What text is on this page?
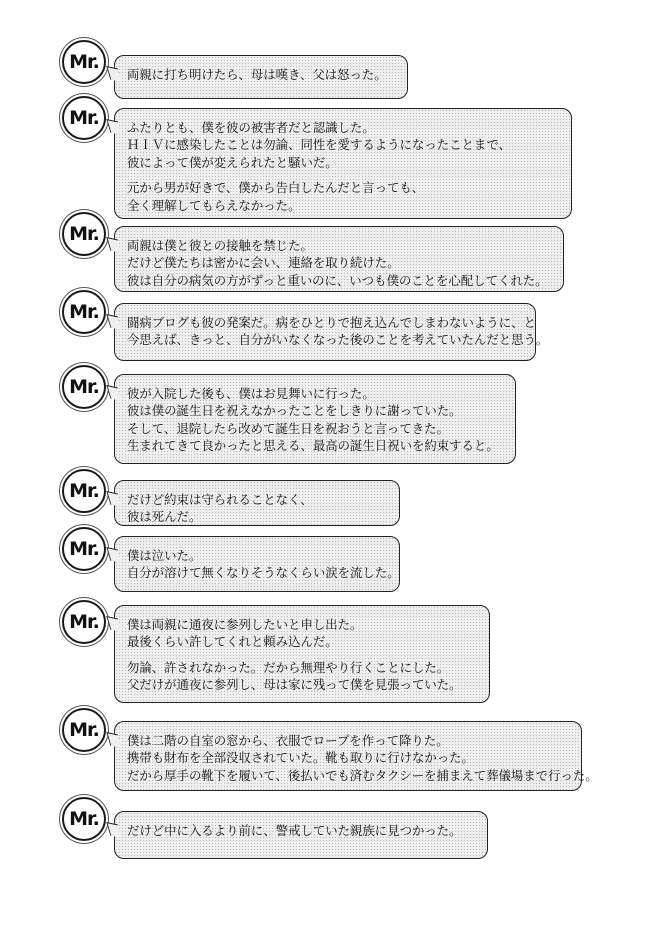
Mr.

両親に打ち明けたら、母は嘆き、父は怒った。

Mr.	ふたりとも、僕を彼の被害者だと認識した。

ＨＩＶに感染したことは勿論、同性を愛するようになったことまで、

彼によって僕が変えられたと騒いだ。

元から男が好きで、僕から告白したんだと言っても、

全く理解してもらえなかった。

Mr.

両親は僕と彼との接触を禁じた。

だけど僕たちは密かに会い、連絡を取り続けた。

彼は自分の病気の方がずっと重いのに、いつも僕のことを心配してくれた。

Mr.	闘病ブログも彼の発案だ。病をひとりで抱え込んでしまわないように、と

今思えば、きっと、自分がいなくなった後のことを考えていたんだと思う。

Mr.	彼が入院した後も、僕はお見舞いに行った。

彼は僕の誕生日を祝えなかったことをしきりに謝っていた。

そして、退院したら改めて誕生日を祝おうと言ってきた。

生まれてきて良かったと思える、最高の誕生日祝いを約束すると。

Mr.	だけど約束は守られることなく、

彼は死んだ。

Mr.	僕は泣いた。

自分が溶けて無くなりそうなくらい涙を流した。

Mr.	僕は両親に通夜に参列したいと申し出た。

最後くらい許してくれと頼み込んだ。

勿論、許されなかった。だから無理やり行くことにした。

父だけが通夜に参列し、母は家に残って僕を見張っていた。

Mr.	僕は二階の自室の窓から、衣服でロープを作って降りた。

携帯も財布を全部没収されていた。靴も取りに行けなかった。

だから厚手の靴下を履いて、後払いでも済むタクシーを捕まえて葬儀場まで行った。

Mr.

だけど中に入るより前に、警戒していた親族に見つかった。
